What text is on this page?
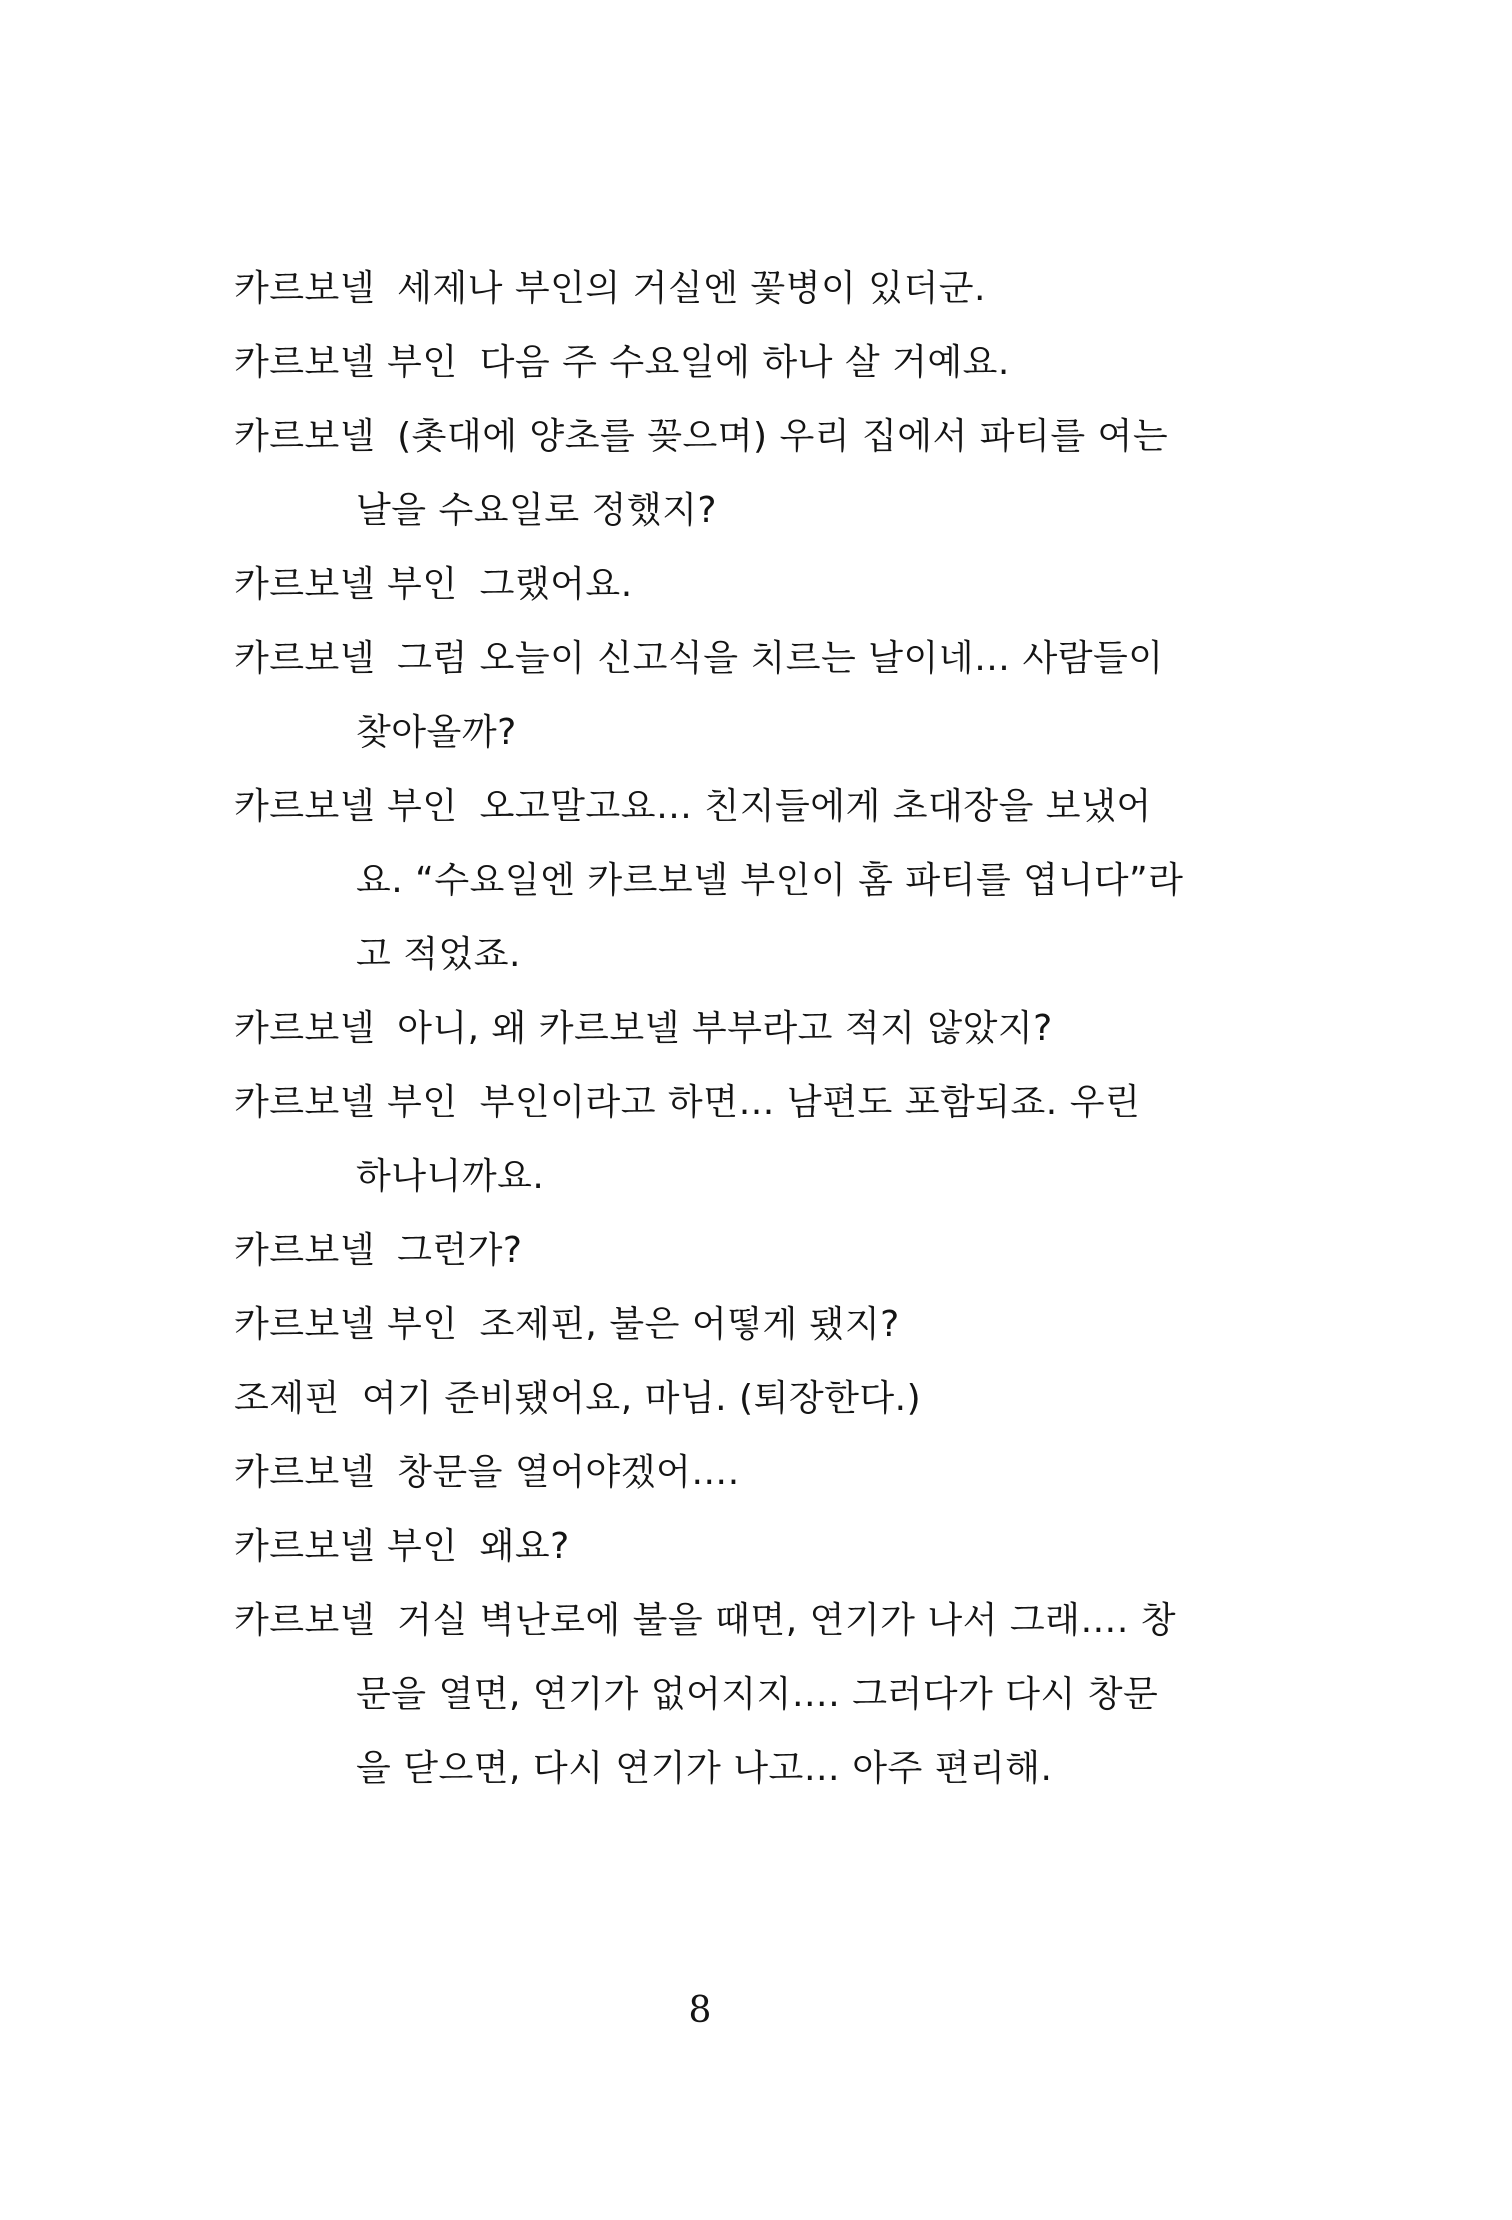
카르보넬 세제나 부인의 거실엔 꽃병이 있더군.
카르보넬 부인 다음 주 수요일에 하나 살 거예요.
카르보넬 (촛대에 양초를 꽂으며) 우리 집에서 파티를 여는
날을 수요일로 정했지?
카르보넬 부인 그랬어요.
카르보넬 그럼 오늘이 신고식을 치르는 날이네… 사람들이
찾아올까?
카르보넬 부인 오고말고요… 친지들에게 초대장을 보냈어
요. “수요일엔 카르보넬 부인이 홈 파티를 엽니다”라
고 적었죠.
카르보넬 아니, 왜 카르보넬 부부라고 적지 않았지?
카르보넬 부인 부인이라고 하면… 남편도 포함되죠. 우린
하나니까요.
카르보넬 그런가?
카르보넬 부인 조제핀, 불은 어떻게 됐지?
조제핀 여기 준비됐어요, 마님. (퇴장한다.)
카르보넬 창문을 열어야겠어….
카르보넬 부인 왜요?
카르보넬 거실 벽난로에 불을 때면, 연기가 나서 그래…. 창
문을 열면, 연기가 없어지지…. 그러다가 다시 창문
을 닫으면, 다시 연기가 나고… 아주 편리해.
8
